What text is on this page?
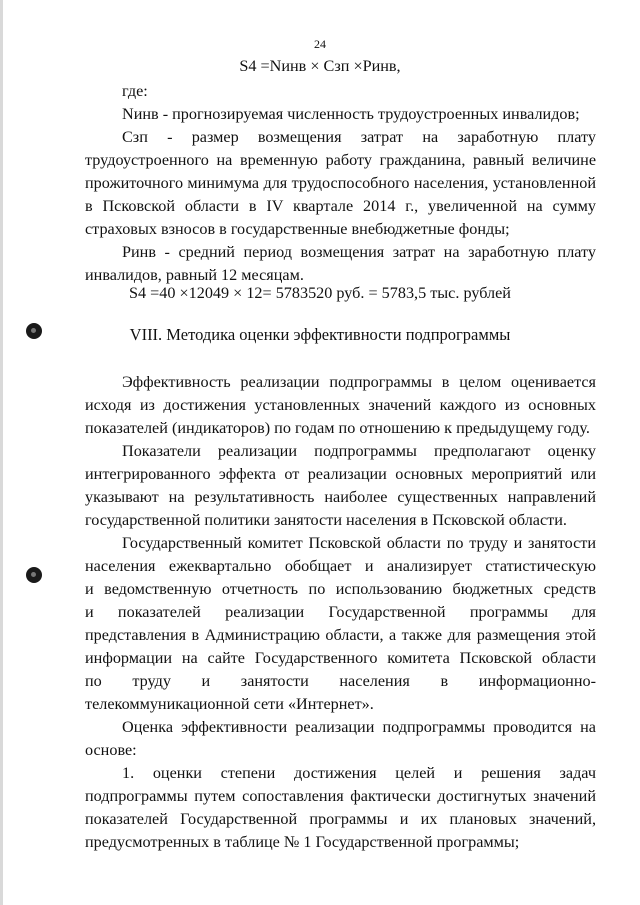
24
S4 =Nинв × Cзп ×Pинв,
где:
Nинв - прогнозируемая численность трудоустроенных инвалидов;
Cзп - размер возмещения затрат на заработную плату
трудоустроенного на временную работу гражданина, равный величине
прожиточного минимума для трудоспособного населения, установленной
в Псковской области в IV квартале 2014 г., увеличенной на сумму
страховых взносов в государственные внебюджетные фонды;
Pинв - средний период возмещения затрат на заработную плату
инвалидов, равный 12 месяцам.
S4 =40 ×12049 × 12= 5783520 руб. = 5783,5 тыс. рублей
VIII. Методика оценки эффективности подпрограммы
Эффективность реализации подпрограммы в целом оценивается
исходя из достижения установленных значений каждого из основных
показателей (индикаторов) по годам по отношению к предыдущему году.
Показатели реализации подпрограммы предполагают оценку
интегрированного эффекта от реализации основных мероприятий или
указывают на результативность наиболее существенных направлений
государственной политики занятости населения в Псковской области.
Государственный комитет Псковской области по труду и занятости
населения ежеквартально обобщает и анализирует статистическую
и ведомственную отчетность по использованию бюджетных средств
и показателей реализации Государственной программы для
представления в Администрацию области, а также для размещения этой
информации на сайте Государственного комитета Псковской области
по труду и занятости населения в информационно-
телекоммуникационной сети «Интернет».
Оценка эффективности реализации подпрограммы проводится на
основе:
1. оценки степени достижения целей и решения задач
подпрограммы путем сопоставления фактически достигнутых значений
показателей Государственной программы и их плановых значений,
предусмотренных в таблице № 1 Государственной программы;
